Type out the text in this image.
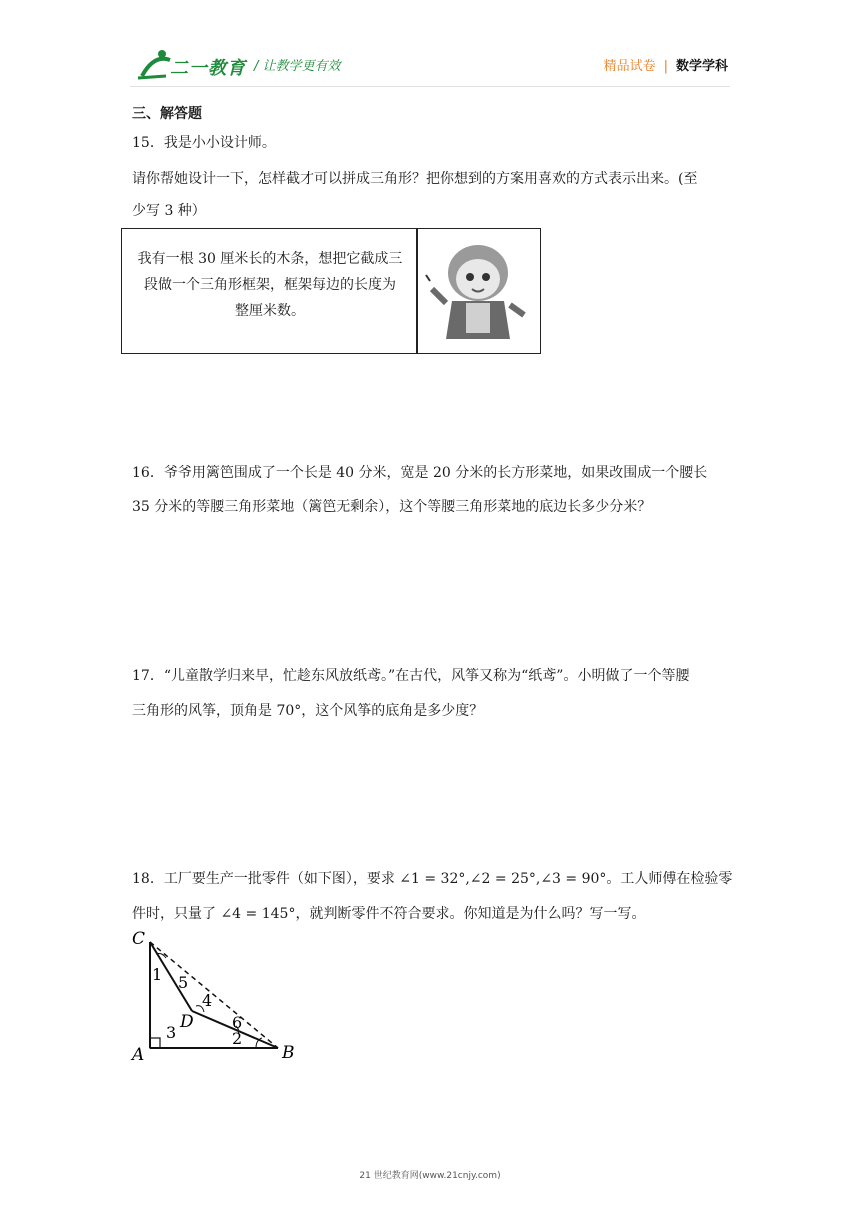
二一教育 / 让教学更有效	精品试卷 | 数学学科
三、解答题
15．我是小小设计师。
请你帮她设计一下，怎样截才可以拼成三角形？把你想到的方案用喜欢的方式表示出来。(至
少写 3 种）
我有一根 30 厘米长的木条，想把它截成三
段做一个三角形框架，框架每边的长度为
整厘米数。
16．爷爷用篱笆围成了一个长是 40 分米，宽是 20 分米的长方形菜地，如果改围成一个腰长
35 分米的等腰三角形菜地（篱笆无剩余），这个等腰三角形菜地的底边长多少分米？
17．“儿童散学归来早，忙趁东风放纸鸢。”在古代，风筝又称为“纸鸢”。小明做了一个等腰
三角形的风筝，顶角是 70°，这个风筝的底角是多少度？
18．工厂要生产一批零件（如下图），要求 ∠1 = 32°,∠2 = 25°,∠3 = 90°。工人师傅在检验零
件时，只量了 ∠4 = 145°，就判断零件不符合要求。你知道是为什么吗？写一写。
C
A	B
D
1
2
3
4
5
6
21 世纪教育网(www.21cnjy.com)
